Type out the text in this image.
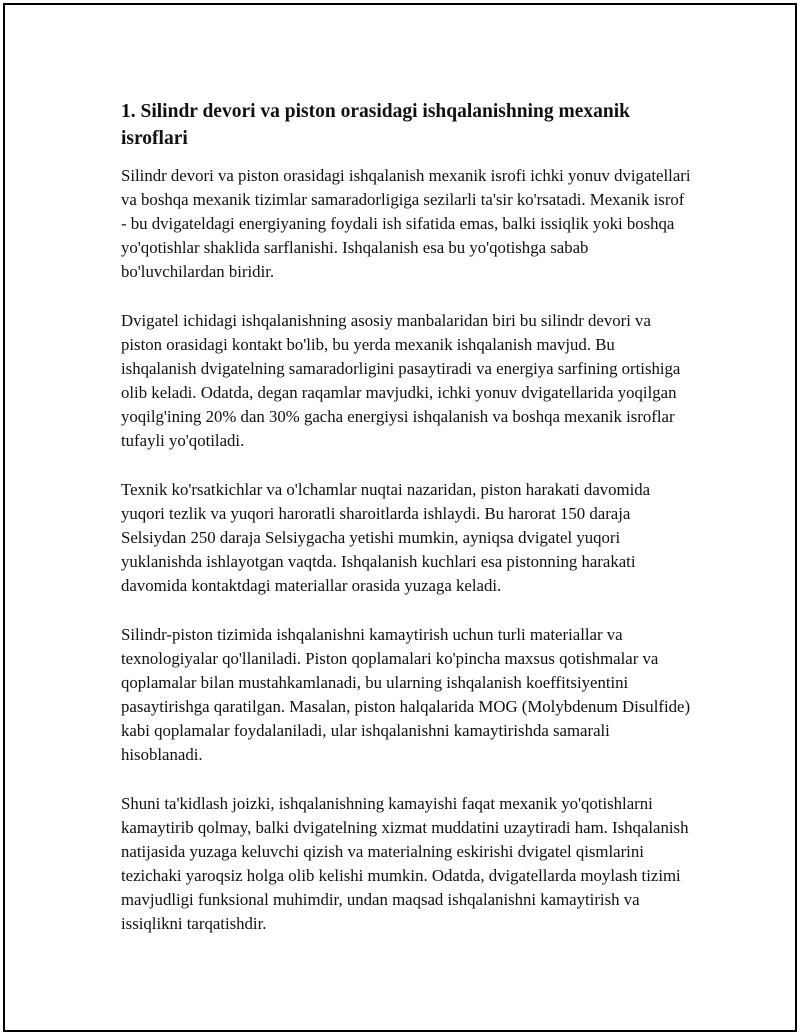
1. Silindr devori va piston orasidagi ishqalanishning mexanik isroflari

Silindr devori va piston orasidagi ishqalanish mexanik isrofi ichki yonuv dvigatellari va boshqa mexanik tizimlar samaradorligiga sezilarli ta'sir ko'rsatadi. Mexanik isrof - bu dvigateldagi energiyaning foydali ish sifatida emas, balki issiqlik yoki boshqa yo'qotishlar shaklida sarflanishi. Ishqalanish esa bu yo'qotishga sabab bo'luvchilardan biridir.

Dvigatel ichidagi ishqalanishning asosiy manbalaridan biri bu silindr devori va piston orasidagi kontakt bo'lib, bu yerda mexanik ishqalanish mavjud. Bu ishqalanish dvigatelning samaradorligini pasaytiradi va energiya sarfining ortishiga olib keladi. Odatda, degan raqamlar mavjudki, ichki yonuv dvigatellarida yoqilgan yoqilg'ining 20% dan 30% gacha energiysi ishqalanish va boshqa mexanik isroflar tufayli yo'qotiladi.

Texnik ko'rsatkichlar va o'lchamlar nuqtai nazaridan, piston harakati davomida yuqori tezlik va yuqori haroratli sharoitlarda ishlaydi. Bu harorat 150 daraja Selsiydan 250 daraja Selsiygacha yetishi mumkin, ayniqsa dvigatel yuqori yuklanishda ishlayotgan vaqtda. Ishqalanish kuchlari esa pistonning harakati davomida kontaktdagi materiallar orasida yuzaga keladi.

Silindr-piston tizimida ishqalanishni kamaytirish uchun turli materiallar va texnologiyalar qo'llaniladi. Piston qoplamalari ko'pincha maxsus qotishmalar va qoplamalar bilan mustahkamlanadi, bu ularning ishqalanish koeffitsiyentini pasaytirishga qaratilgan. Masalan, piston halqalarida MOG (Molybdenum Disulfide) kabi qoplamalar foydalaniladi, ular ishqalanishni kamaytirishda samarali hisoblanadi.

Shuni ta'kidlash joizki, ishqalanishning kamayishi faqat mexanik yo'qotishlarni kamaytirib qolmay, balki dvigatelning xizmat muddatini uzaytiradi ham. Ishqalanish natijasida yuzaga keluvchi qizish va materialning eskirishi dvigatel qismlarini tezichaki yaroqsiz holga olib kelishi mumkin. Odatda, dvigatellarda moylash tizimi mavjudligi funksional muhimdir, undan maqsad ishqalanishni kamaytirish va issiqlikni tarqatishdir.
